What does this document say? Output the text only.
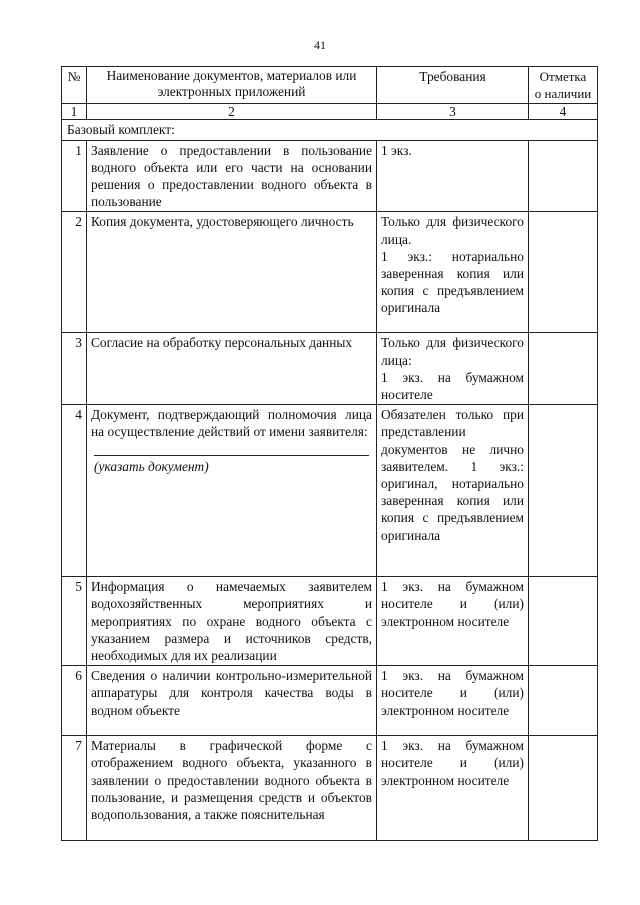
41
№	Наименование документов, материалов или электронных приложений	Требования	Отметка
о наличии
1	2	3	4
Базовый комплект:			
1	Заявление о предоставлении в пользование водного объекта или его части на основании решения о предоставлении водного объекта в пользование	1 экз.	
2	Копия документа, удостоверяющего личность	Только для физического лица.
1 экз.: нотариально заверенная копия или копия с предъявлением оригинала	

3	Согласие на обработку персональных данных	Только для физического лица:
1 экз. на бумажном носителе	

4	Документ, подтверждающий полномочия лица на осуществление действий от имени заявителя:
(указать документ)	Обязателен только при представлении документов не лично заявителем. 1 экз.: оригинал, нотариально заверенная копия или копия с предъявлением оригинала	
5	Информация о намечаемых заявителем водохозяйственных мероприятиях и мероприятиях по охране водного объекта с указанием размера и источников средств, необходимых для их реализации	1 экз. на бумажном носителе и (или) электронном носителе	
6	Сведения о наличии контрольно-измерительной аппаратуры для контроля качества воды в водном объекте	1 экз. на бумажном носителе и (или) электронном носителе	
7	Материалы в графической форме с отображением водного объекта, указанного в заявлении о предоставлении водного объекта в пользование, и размещения средств и объектов водопользования, а также пояснительная	1 экз. на бумажном носителе и (или) электронном носителе	
